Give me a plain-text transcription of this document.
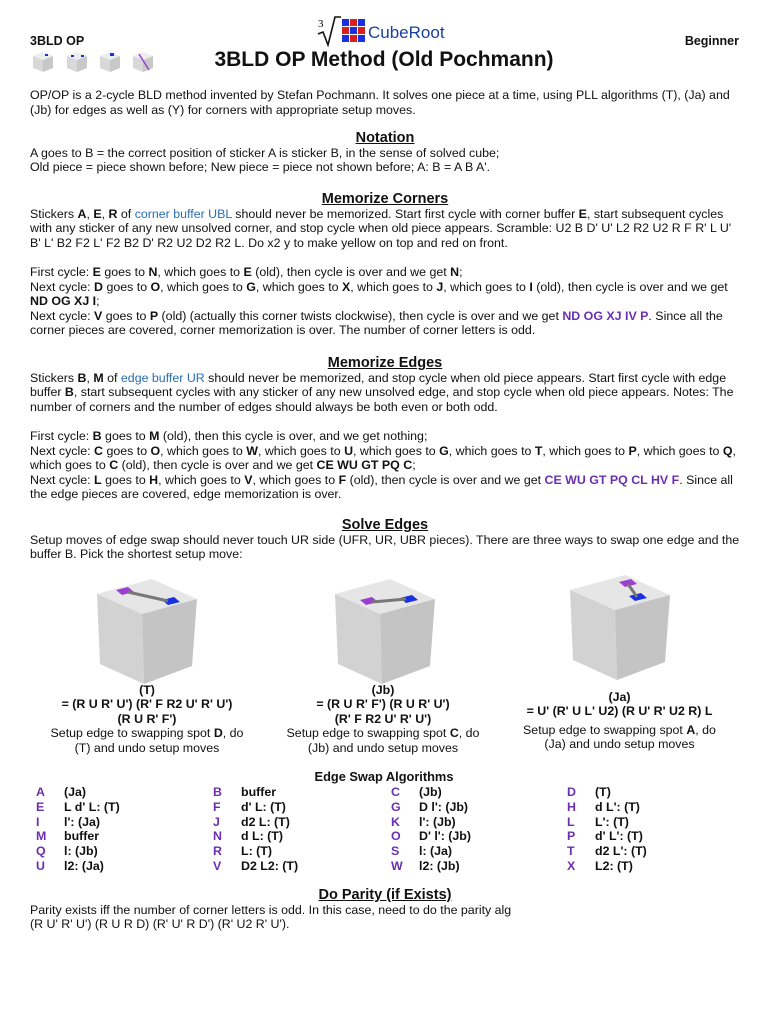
3BLD OP	Beginner
3	CubeRoot
3BLD OP Method (Old Pochmann)

OP/OP is a 2-cycle BLD method invented by Stefan Pochmann. It solves one piece at a time, using PLL algorithms (T), (Ja) and (Jb) for edges as well as (Y) for corners with appropriate setup moves.

Notation

A goes to B = the correct position of sticker A is sticker B, in the sense of solved cube;

Old piece = piece shown before; New piece = piece not shown before; A: B = A B A'.

Memorize Corners

Stickers A, E, R of corner buffer UBL should never be memorized. Start first cycle with corner buffer E, start subsequent cycles with any sticker of any new unsolved corner, and stop cycle when old piece appears. Scramble: U2 B D' U' L2 R2 U2 R F R' L U' B' L' B2 F2 L' F2 B2 D' R2 U2 D2 R2 L. Do x2 y to make yellow on top and red on front.

First cycle: E goes to N, which goes to E (old), then cycle is over and we get N;

Next cycle: D goes to O, which goes to G, which goes to X, which goes to J, which goes to I (old), then cycle is over and we get ND OG XJ I;

Next cycle: V goes to P (old) (actually this corner twists clockwise), then cycle is over and we get ND OG XJ IV P. Since all the corner pieces are covered, corner memorization is over. The number of corner letters is odd.

Memorize Edges

Stickers B, M of edge buffer UR should never be memorized, and stop cycle when old piece appears. Start first cycle with edge buffer B, start subsequent cycles with any sticker of any new unsolved edge, and stop cycle when old piece appears. Notes: The number of corners and the number of edges should always be both even or both odd.

First cycle: B goes to M (old), then this cycle is over, and we get nothing;

Next cycle: C goes to O, which goes to W, which goes to U, which goes to G, which goes to T, which goes to P, which goes to Q, which goes to C (old), then cycle is over and we get CE WU GT PQ C;

Next cycle: L goes to H, which goes to V, which goes to F (old), then cycle is over and we get CE WU GT PQ CL HV F. Since all the edge pieces are covered, edge memorization is over.

Solve Edges

Setup moves of edge swap should never touch UR side (UFR, UR, UBR pieces). There are three ways to swap one edge and the buffer B. Pick the shortest setup move:

(T)
= (R U R' U') (R' F R2 U' R' U')
(R U R' F')
Setup edge to swapping spot D, do
(T) and undo setup moves
(Jb)
= (R U R' F') (R U R' U')
(R' F R2 U' R' U')
Setup edge to swapping spot C, do
(Jb) and undo setup moves
(Ja)
= U' (R' U L' U2) (R U' R' U2 R) L
Setup edge to swapping spot A, do
(Ja) and undo setup moves
Edge Swap Algorithms
A (Ja)
E L d' L: (T)
I l': (Ja)
M buffer
Q l: (Jb)
U l2: (Ja)
B buffer
F d' L: (T)
J d2 L: (T)
N d L: (T)
R L: (T)
V D2 L2: (T)
C (Jb)
G D l': (Jb)
K l': (Jb)
O D' l': (Jb)
S l: (Ja)
W l2: (Jb)
D (T)
H d L': (T)
L L': (T)
P d' L': (T)
T d2 L': (T)
X L2: (T)

Do Parity (if Exists)

Parity exists iff the number of corner letters is odd. In this case, need to do the parity alg

(R U' R' U') (R U R D) (R' U' R D') (R' U2 R' U').
